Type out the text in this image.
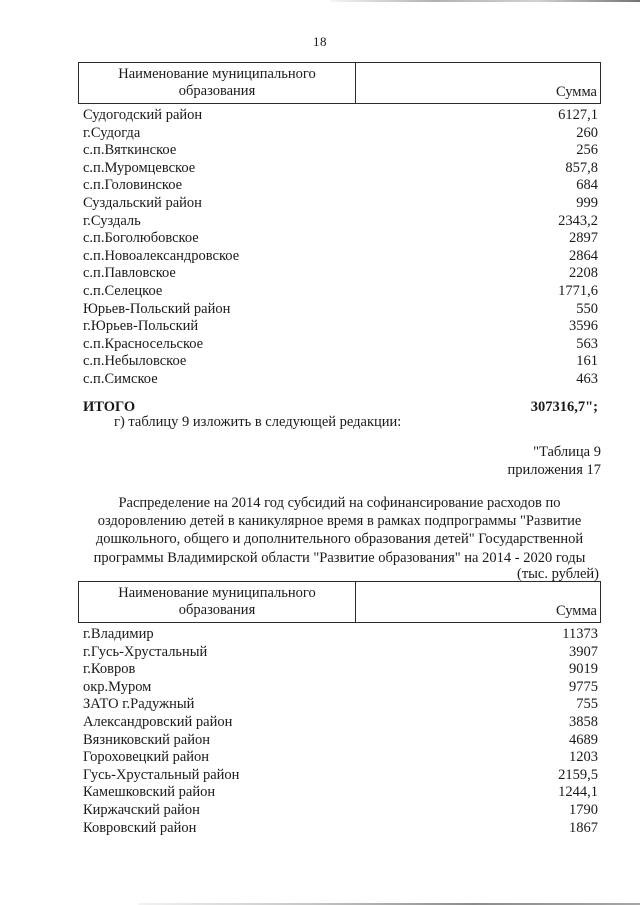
18
Наименование муниципального образования	Сумма
Судогодский район	6127,1
г.Судогда	260
с.п.Вяткинское	256
с.п.Муромцевское	857,8
с.п.Головинское	684
Суздальский район	999
г.Суздаль	2343,2
с.п.Боголюбовское	2897
с.п.Новоалександровское	2864
с.п.Павловское	2208
с.п.Селецкое	1771,6
Юрьев-Польский район	550
г.Юрьев-Польский	3596
с.п.Красносельское	563
с.п.Небыловское	161
с.п.Симское	463
ИТОГО	307316,7";
г) таблицу 9 изложить в следующей редакции:
"Таблица 9
приложения 17
Распределение на 2014 год субсидий на софинансирование расходов по оздоровлению детей в каникулярное время в рамках подпрограммы "Развитие дошкольного, общего и дополнительного образования детей" Государственной программы Владимирской области "Развитие образования" на 2014 - 2020 годы
(тыс. рублей)
Наименование муниципального образования	Сумма
г.Владимир	11373
г.Гусь-Хрустальный	3907
г.Ковров	9019
окр.Муром	9775
ЗАТО г.Радужный	755
Александровский район	3858
Вязниковский район	4689
Гороховецкий район	1203
Гусь-Хрустальный район	2159,5
Камешковский район	1244,1
Киржачский район	1790
Ковровский район	1867
